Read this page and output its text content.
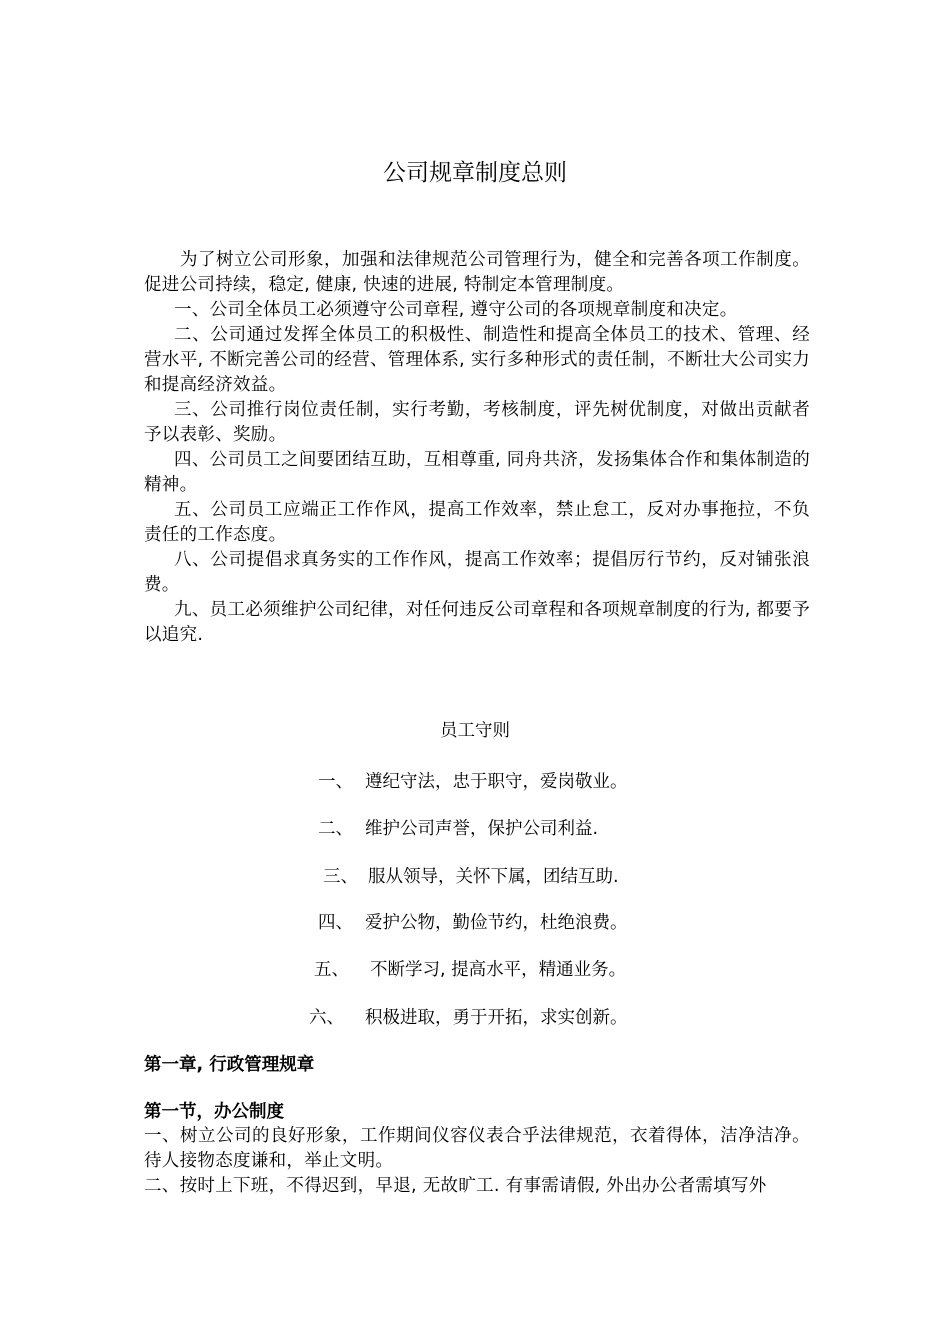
公司规章制度总则

为了树立公司形象，加强和法律规范公司管理行为，健全和完善各项工作制度。促进公司持续，稳定, 健康, 快速的进展, 特制定本管理制度。

一、公司全体员工必须遵守公司章程, 遵守公司的各项规章制度和决定。

二、公司通过发挥全体员工的积极性、制造性和提高全体员工的技术、管理、经营水平, 不断完善公司的经营、管理体系, 实行多种形式的责任制，不断壮大公司实力和提高经济效益。

三、公司推行岗位责任制，实行考勤，考核制度，评先树优制度，对做出贡献者予以表彰、奖励。

四、公司员工之间要团结互助，互相尊重, 同舟共济，发扬集体合作和集体制造的精神。

五、公司员工应端正工作作风，提高工作效率，禁止怠工，反对办事拖拉，不负责任的工作态度。

八、公司提倡求真务实的工作作风，提高工作效率；提倡厉行节约，反对铺张浪费。

九、员工必须维护公司纪律，对任何违反公司章程和各项规章制度的行为, 都要予以追究.

员工守则
一、 遵纪守法，忠于职守，爱岗敬业。
二、 维护公司声誉，保护公司利益.
三、 服从领导，关怀下属，团结互助.
四、 爱护公物，勤俭节约，杜绝浪费。
五、 不断学习, 提高水平，精通业务。
六、 积极进取，勇于开拓，求实创新。
第一章, 行政管理规章
第一节，办公制度

一、树立公司的良好形象，工作期间仪容仪表合乎法律规范，衣着得体，洁净洁净。待人接物态度谦和，举止文明。

二、按时上下班，不得迟到，早退, 无故旷工. 有事需请假, 外出办公者需填写外
